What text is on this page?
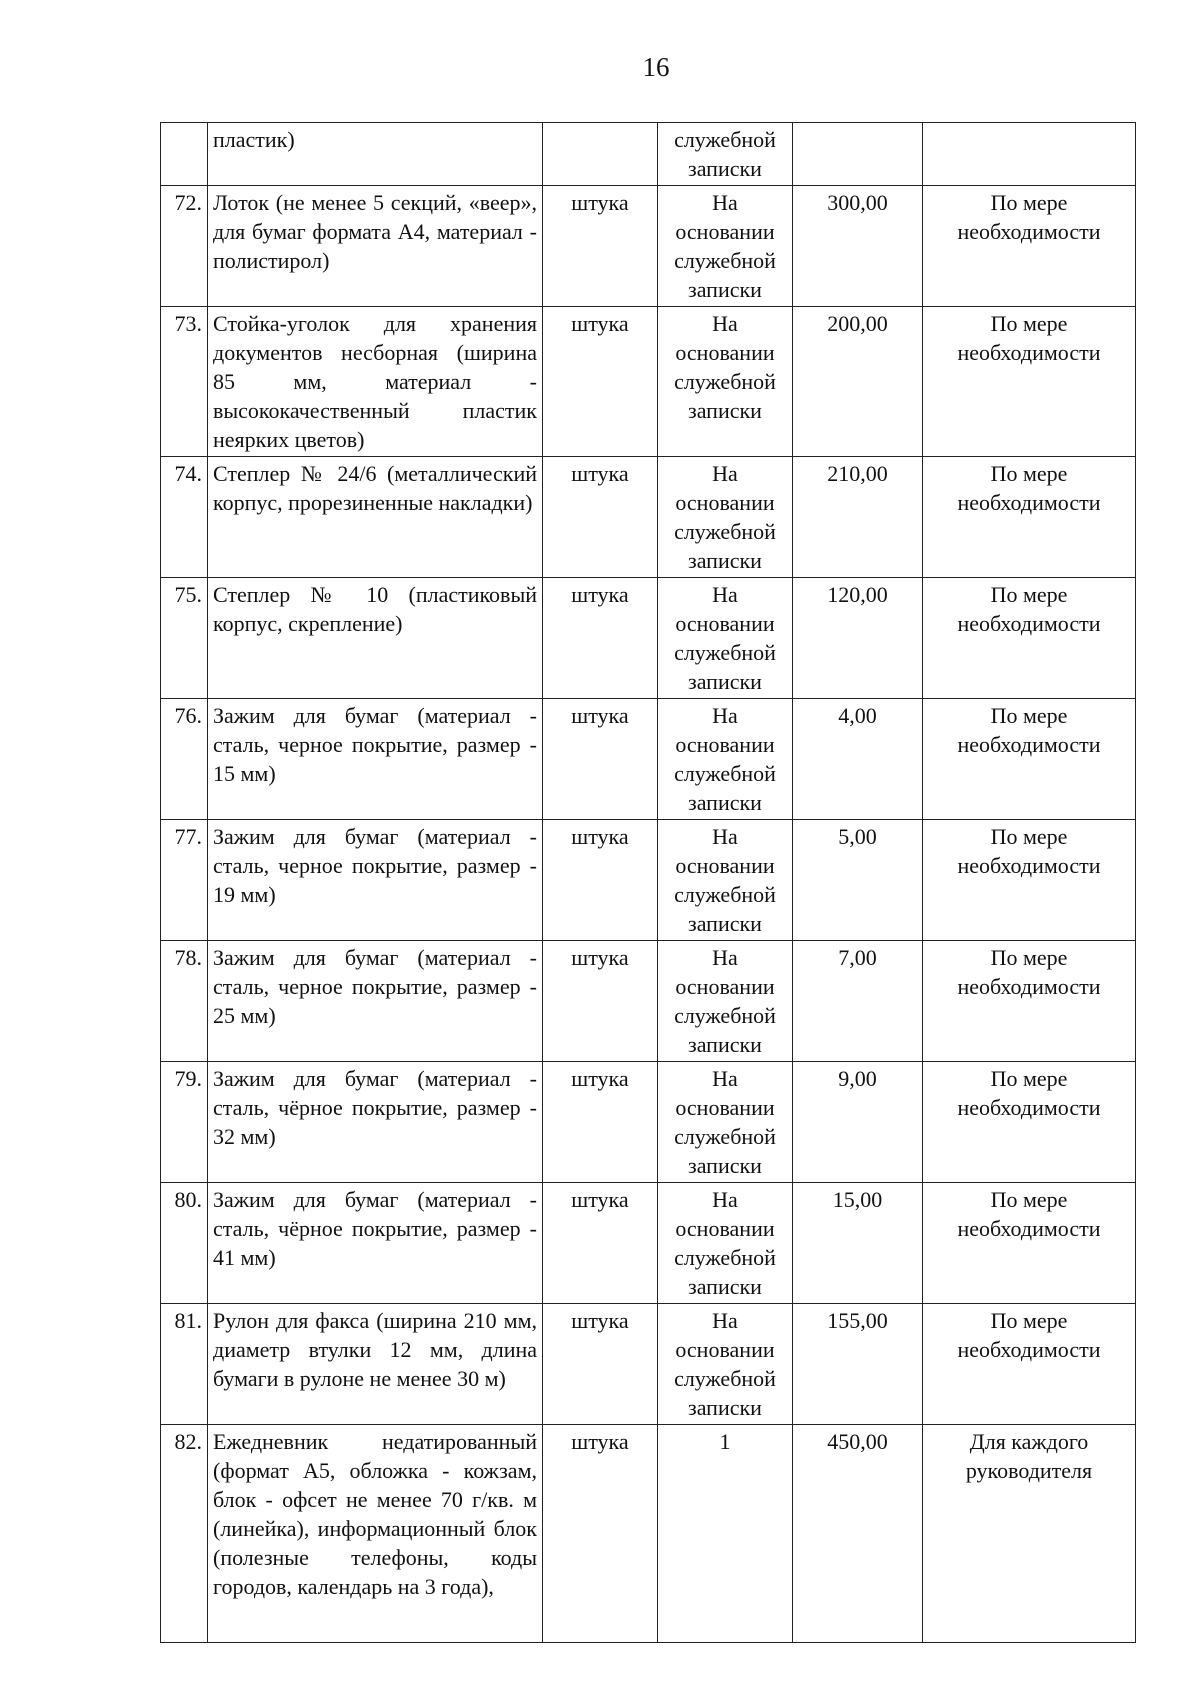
16
	пластик)		служебной записки		
72.	Лоток (не менее 5 секций, «веер», для бумаг формата А4, материал - полистирол)	штука	На основании служебной записки	300,00	По мере необходимости
73.	Стойка-уголок для хранения документов несборная (ширина 85 мм, материал - высококачественный пластик неярких цветов)	штука	На основании служебной записки	200,00	По мере необходимости
74.	Степлер № 24/6 (металлический корпус, прорезиненные накладки)	штука	На основании служебной записки	210,00	По мере необходимости
75.	Степлер № 10 (пластиковый корпус, скрепление)	штука	На основании служебной записки	120,00	По мере необходимости
76.	Зажим для бумаг (материал - сталь, черное покрытие, размер - 15 мм)	штука	На основании служебной записки	4,00	По мере необходимости
77.	Зажим для бумаг (материал - сталь, черное покрытие, размер - 19 мм)	штука	На основании служебной записки	5,00	По мере необходимости
78.	Зажим для бумаг (материал - сталь, черное покрытие, размер - 25 мм)	штука	На основании служебной записки	7,00	По мере необходимости
79.	Зажим для бумаг (материал - сталь, чёрное покрытие, размер - 32 мм)	штука	На основании служебной записки	9,00	По мере необходимости
80.	Зажим для бумаг (материал - сталь, чёрное покрытие, размер - 41 мм)	штука	На основании служебной записки	15,00	По мере необходимости
81.	Рулон для факса (ширина 210 мм, диаметр втулки 12 мм, длина бумаги в рулоне не менее 30 м)	штука	На основании служебной записки	155,00	По мере необходимости
82.	Ежедневник недатированный (формат А5, обложка - кожзам, блок - офсет не менее 70 г/кв. м (линейка), информационный блок (полезные телефоны, коды городов, календарь на 3 года),	штука	1	450,00	Для каждого руководителя
